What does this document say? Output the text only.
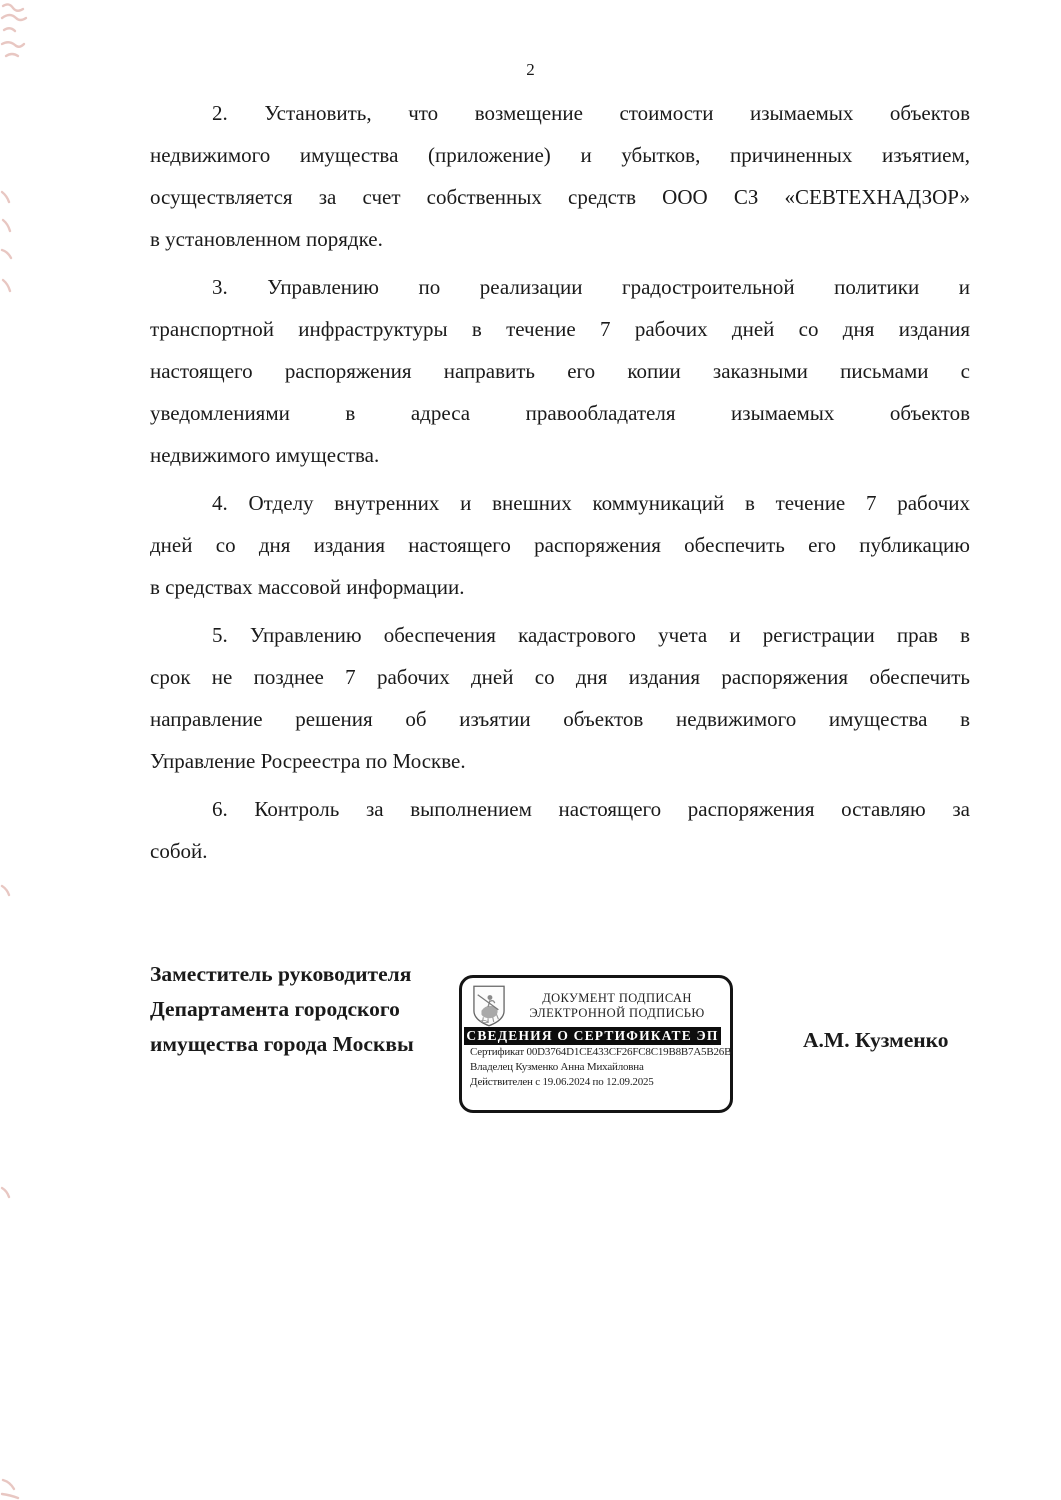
2
2. Установить, что возмещение стоимости изымаемых объектов
недвижимого имущества (приложение) и убытков, причиненных изъятием,
осуществляется за счет собственных средств ООО СЗ «СЕВТЕХНАДЗОР»
в установленном порядке.
3. Управлению по реализации градостроительной политики и
транспортной инфраструктуры в течение 7 рабочих дней со дня издания
настоящего распоряжения направить его копии заказными письмами с
уведомлениями в адреса правообладателя изымаемых объектов
недвижимого имущества.
4. Отделу внутренних и внешних коммуникаций в течение 7 рабочих
дней со дня издания настоящего распоряжения обеспечить его публикацию
в средствах массовой информации.
5. Управлению обеспечения кадастрового учета и регистрации прав в
срок не позднее 7 рабочих дней со дня издания распоряжения обеспечить
направление решения об изъятии объектов недвижимого имущества в
Управление Росреестра по Москве.
6. Контроль за выполнением настоящего распоряжения оставляю за
собой.
Заместитель руководителя
Департамента городского
имущества города Москвы
ДОКУМЕНТ ПОДПИСАН
ЭЛЕКТРОННОЙ ПОДПИСЬЮ
СВЕДЕНИЯ О СЕРТИФИКАТЕ ЭП
Сертификат 00D3764D1CE433CF26FC8C19B8B7A5B26B
Владелец Кузменко Анна Михайловна
Действителен с 19.06.2024 по 12.09.2025
А.М. Кузменко
